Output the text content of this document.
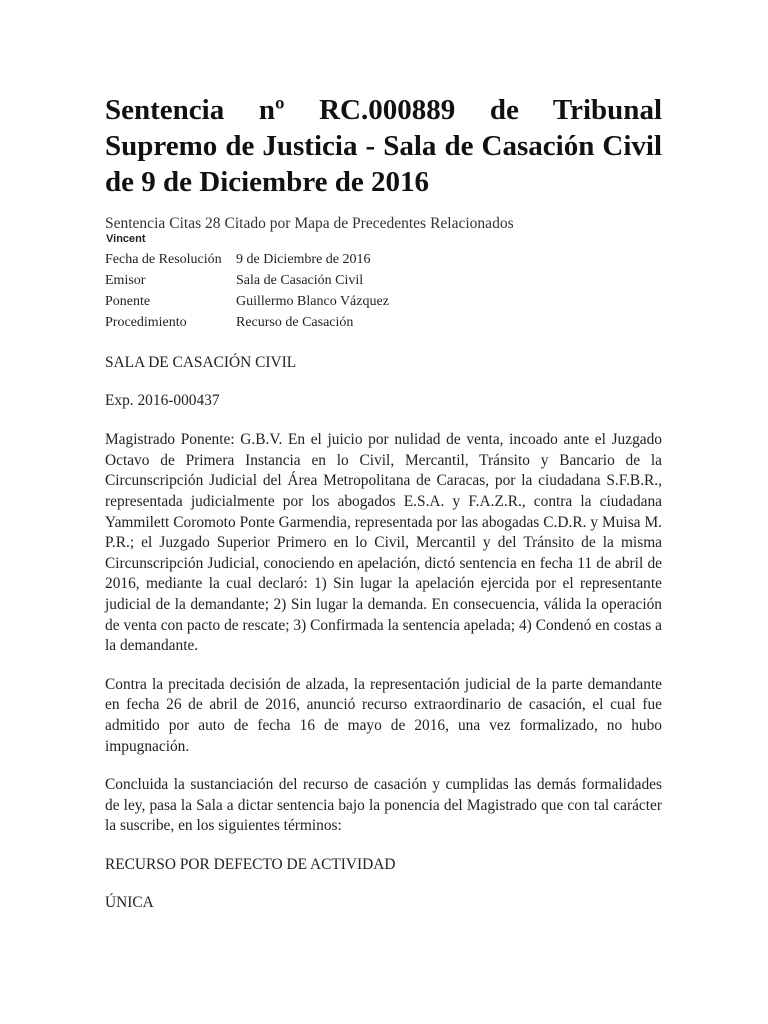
Sentencia nº RC.000889 de Tribunal Supremo de Justicia - Sala de Casación Civil de 9 de Diciembre de 2016
Sentencia Citas 28 Citado por Mapa de Precedentes Relacionados
Vincent
Fecha de Resolución	9 de Diciembre de 2016
Emisor	Sala de Casación Civil
Ponente	Guillermo Blanco Vázquez
Procedimiento	Recurso de Casación

SALA DE CASACIÓN CIVIL

Exp. 2016-000437

Magistrado Ponente: G.B.V. En el juicio por nulidad de venta, incoado ante el Juzgado Octavo de Primera Instancia en lo Civil, Mercantil, Tránsito y Bancario de la Circunscripción Judicial del Área Metropolitana de Caracas, por la ciudadana S.F.B.R., representada judicialmente por los abogados E.S.A. y F.A.Z.R., contra la ciudadana Yammilett Coromoto Ponte Garmendia, representada por las abogadas C.D.R. y Muisa M. P.R.; el Juzgado Superior Primero en lo Civil, Mercantil y del Tránsito de la misma Circunscripción Judicial, conociendo en apelación, dictó sentencia en fecha 11 de abril de 2016, mediante la cual declaró: 1) Sin lugar la apelación ejercida por el representante judicial de la demandante; 2) Sin lugar la demanda. En consecuencia, válida la operación de venta con pacto de rescate; 3) Confirmada la sentencia apelada; 4) Condenó en costas a la demandante.

Contra la precitada decisión de alzada, la representación judicial de la parte demandante en fecha 26 de abril de 2016, anunció recurso extraordinario de casación, el cual fue admitido por auto de fecha 16 de mayo de 2016, una vez formalizado, no hubo impugnación.

Concluida la sustanciación del recurso de casación y cumplidas las demás formalidades de ley, pasa la Sala a dictar sentencia bajo la ponencia del Magistrado que con tal carácter la suscribe, en los siguientes términos:

RECURSO POR DEFECTO DE ACTIVIDAD

ÚNICA
